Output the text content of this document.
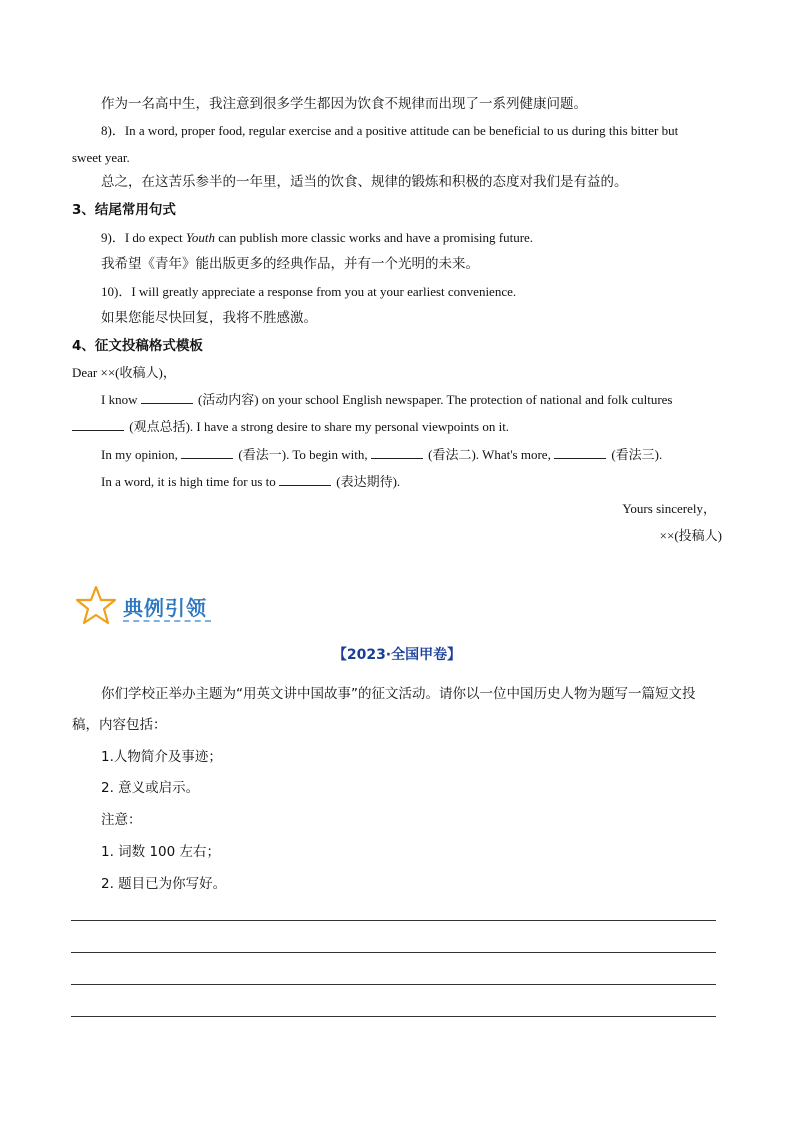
作为一名高中生，我注意到很多学生都因为饮食不规律而出现了一系列健康问题。
8)．In a word, proper food, regular exercise and a positive attitude can be beneficial to us during this bitter but
sweet year.
总之，在这苦乐参半的一年里，适当的饮食、规律的锻炼和积极的态度对我们是有益的。
3、结尾常用句式
9)．I do expect Youth can publish more classic works and have a promising future.
我希望《青年》能出版更多的经典作品，并有一个光明的未来。
10)．I will greatly appreciate a response from you at your earliest convenience.
如果您能尽快回复，我将不胜感激。
4、征文投稿格式模板
Dear ××(收稿人)，
I know	(活动内容) on your school English newspaper. The protection of national and folk cultures
(观点总括). I have a strong desire to share my personal viewpoints on it.
In my opinion,	(看法一). To begin with,	(看法二). What's more,	(看法三).
In a word, it is high time for us to	(表达期待).
Yours sincerely，
××(投稿人)
典例引领
【2023·全国甲卷】
你们学校正举办主题为“用英文讲中国故事”的征文活动。请你以一位中国历史人物为题写一篇短文投
稿，内容包括：
1.人物简介及事迹；
2. 意义或启示。
注意：
1. 词数 100 左右；
2. 题目已为你写好。
